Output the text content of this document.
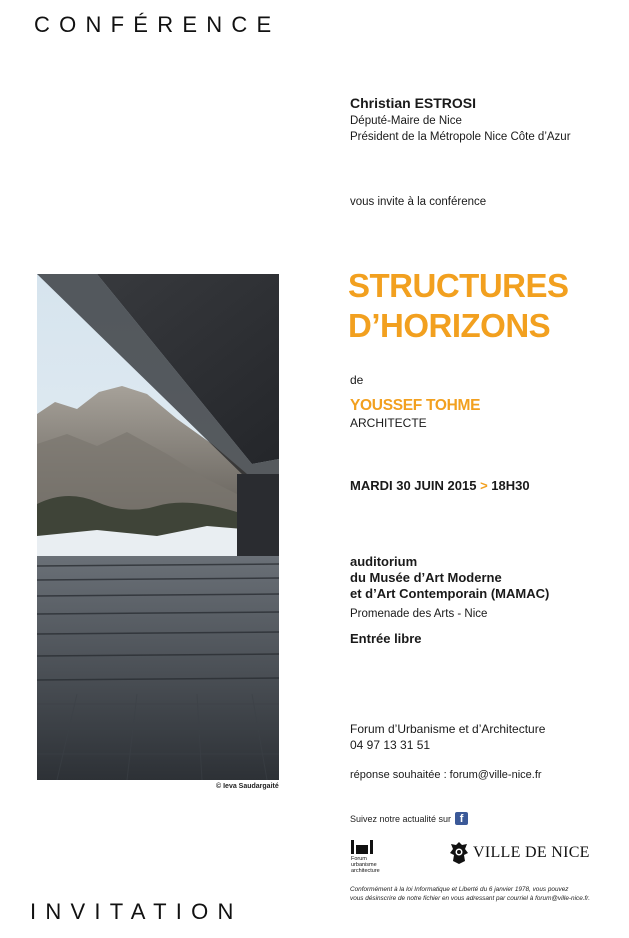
CONFÉRENCE
Christian ESTROSI
Député-Maire de Nice
Président de la Métropole Nice Côte d’Azur
vous invite à la conférence
STRUCTURES
D’HORIZONS
de
YOUSSEF TOHME
ARCHITECTE
MARDI 30 JUIN 2015 > 18H30
auditorium
du Musée d’Art Moderne
et d’Art Contemporain (MAMAC)
Promenade des Arts - Nice
Entrée libre
Forum d’Urbanisme et d’Architecture
04 97 13 31 51
réponse souhaitée : forum@ville-nice.fr
© Ieva Saudargaité
Suivez notre actualité sur f
Forum
urbanisme
architecture
VILLE DE NICE
Conformément à la loi Informatique et Liberté du 6 janvier 1978, vous pouvez
vous désinscrire de notre fichier en vous adressant par courriel à forum@ville-nice.fr.
INVITATION
